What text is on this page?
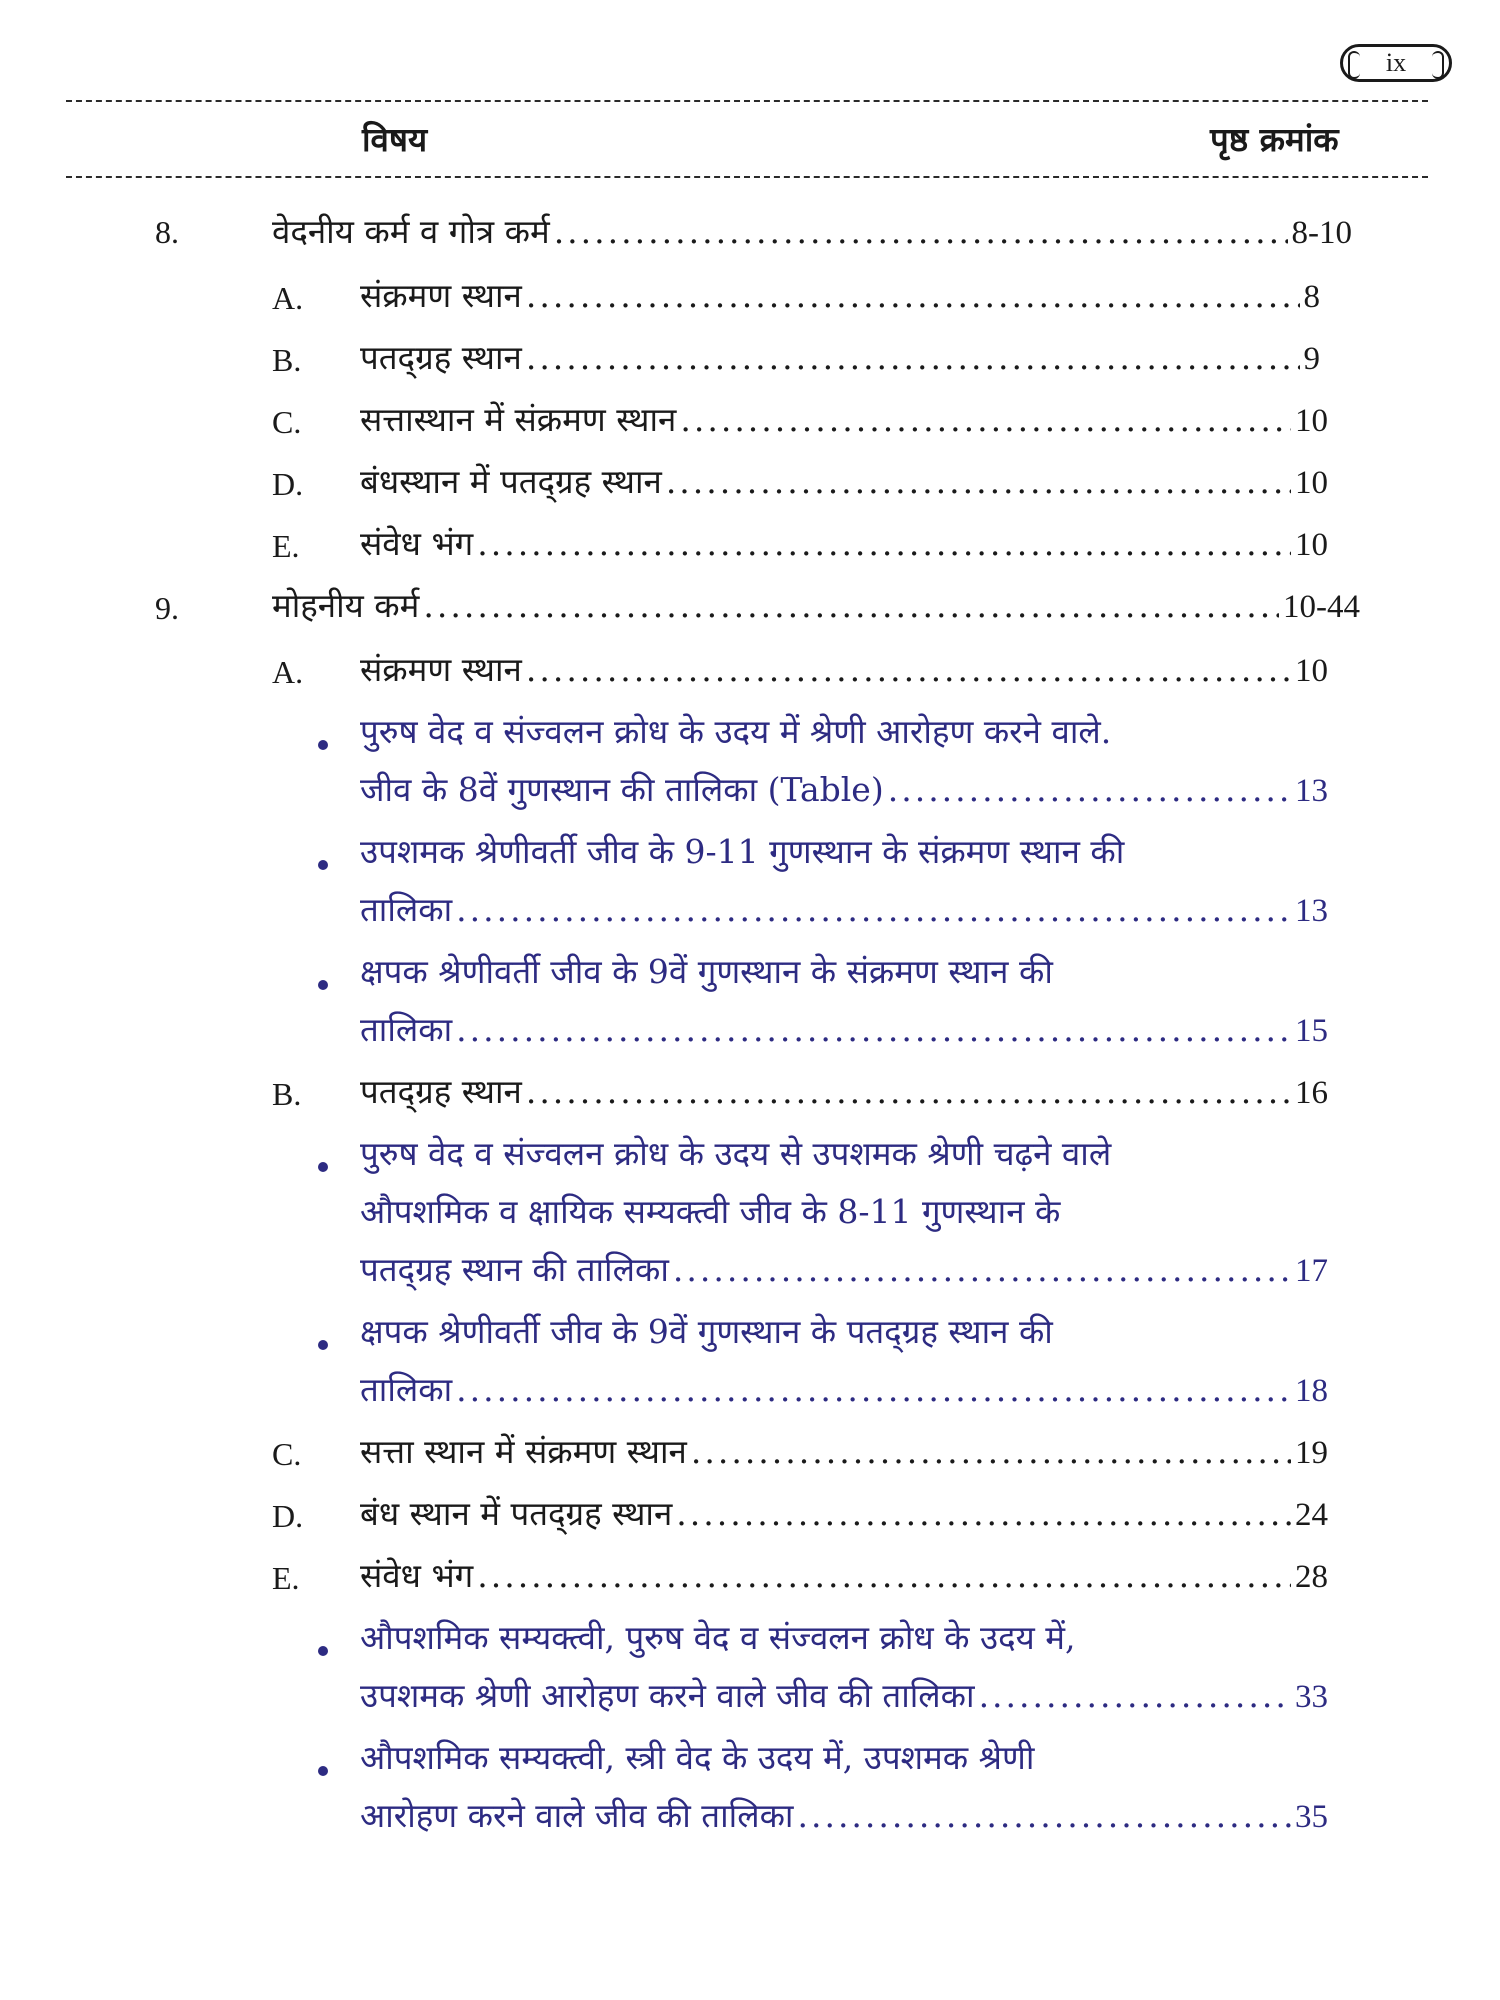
ix
विषय	पृष्ठ क्रमांक
8.	वेदनीय कर्म व गोत्र कर्म .....	8-10
A. संक्रमण स्थान .....	8
B. पतद्ग्रह स्थान .....	9
C. सत्तास्थान में संक्रमण स्थान .....	10
D. बंधस्थान में पतद्ग्रह स्थान .....	10
E. संवेध भंग .....	10
9.	मोहनीय कर्म .....	10-44
A. संक्रमण स्थान .....	10
पुरुष वेद व संज्वलन क्रोध के उदय में श्रेणी आरोहण करने वाले.
जीव के 8वें गुणस्थान की तालिका (Table) .....	13
उपशमक श्रेणीवर्ती जीव के 9-11 गुणस्थान के संक्रमण स्थान की
तालिका .....	13
क्षपक श्रेणीवर्ती जीव के 9वें गुणस्थान के संक्रमण स्थान की
तालिका .....	15
B. पतद्ग्रह स्थान .....	16
पुरुष वेद व संज्वलन क्रोध के उदय से उपशमक श्रेणी चढ़ने वाले
औपशमिक व क्षायिक सम्यक्त्वी जीव के 8-11 गुणस्थान के
पतद्ग्रह स्थान की तालिका .....	17
क्षपक श्रेणीवर्ती जीव के 9वें गुणस्थान के पतद्ग्रह स्थान की
तालिका .....	18
C. सत्ता स्थान में संक्रमण स्थान .....	19
D. बंध स्थान में पतद्ग्रह स्थान .....	24
E. संवेध भंग .....	28
औपशमिक सम्यक्त्वी, पुरुष वेद व संज्वलन क्रोध के उदय में,
उपशमक श्रेणी आरोहण करने वाले जीव की तालिका .....	33
औपशमिक सम्यक्त्वी, स्त्री वेद के उदय में, उपशमक श्रेणी
आरोहण करने वाले जीव की तालिका .....	35
